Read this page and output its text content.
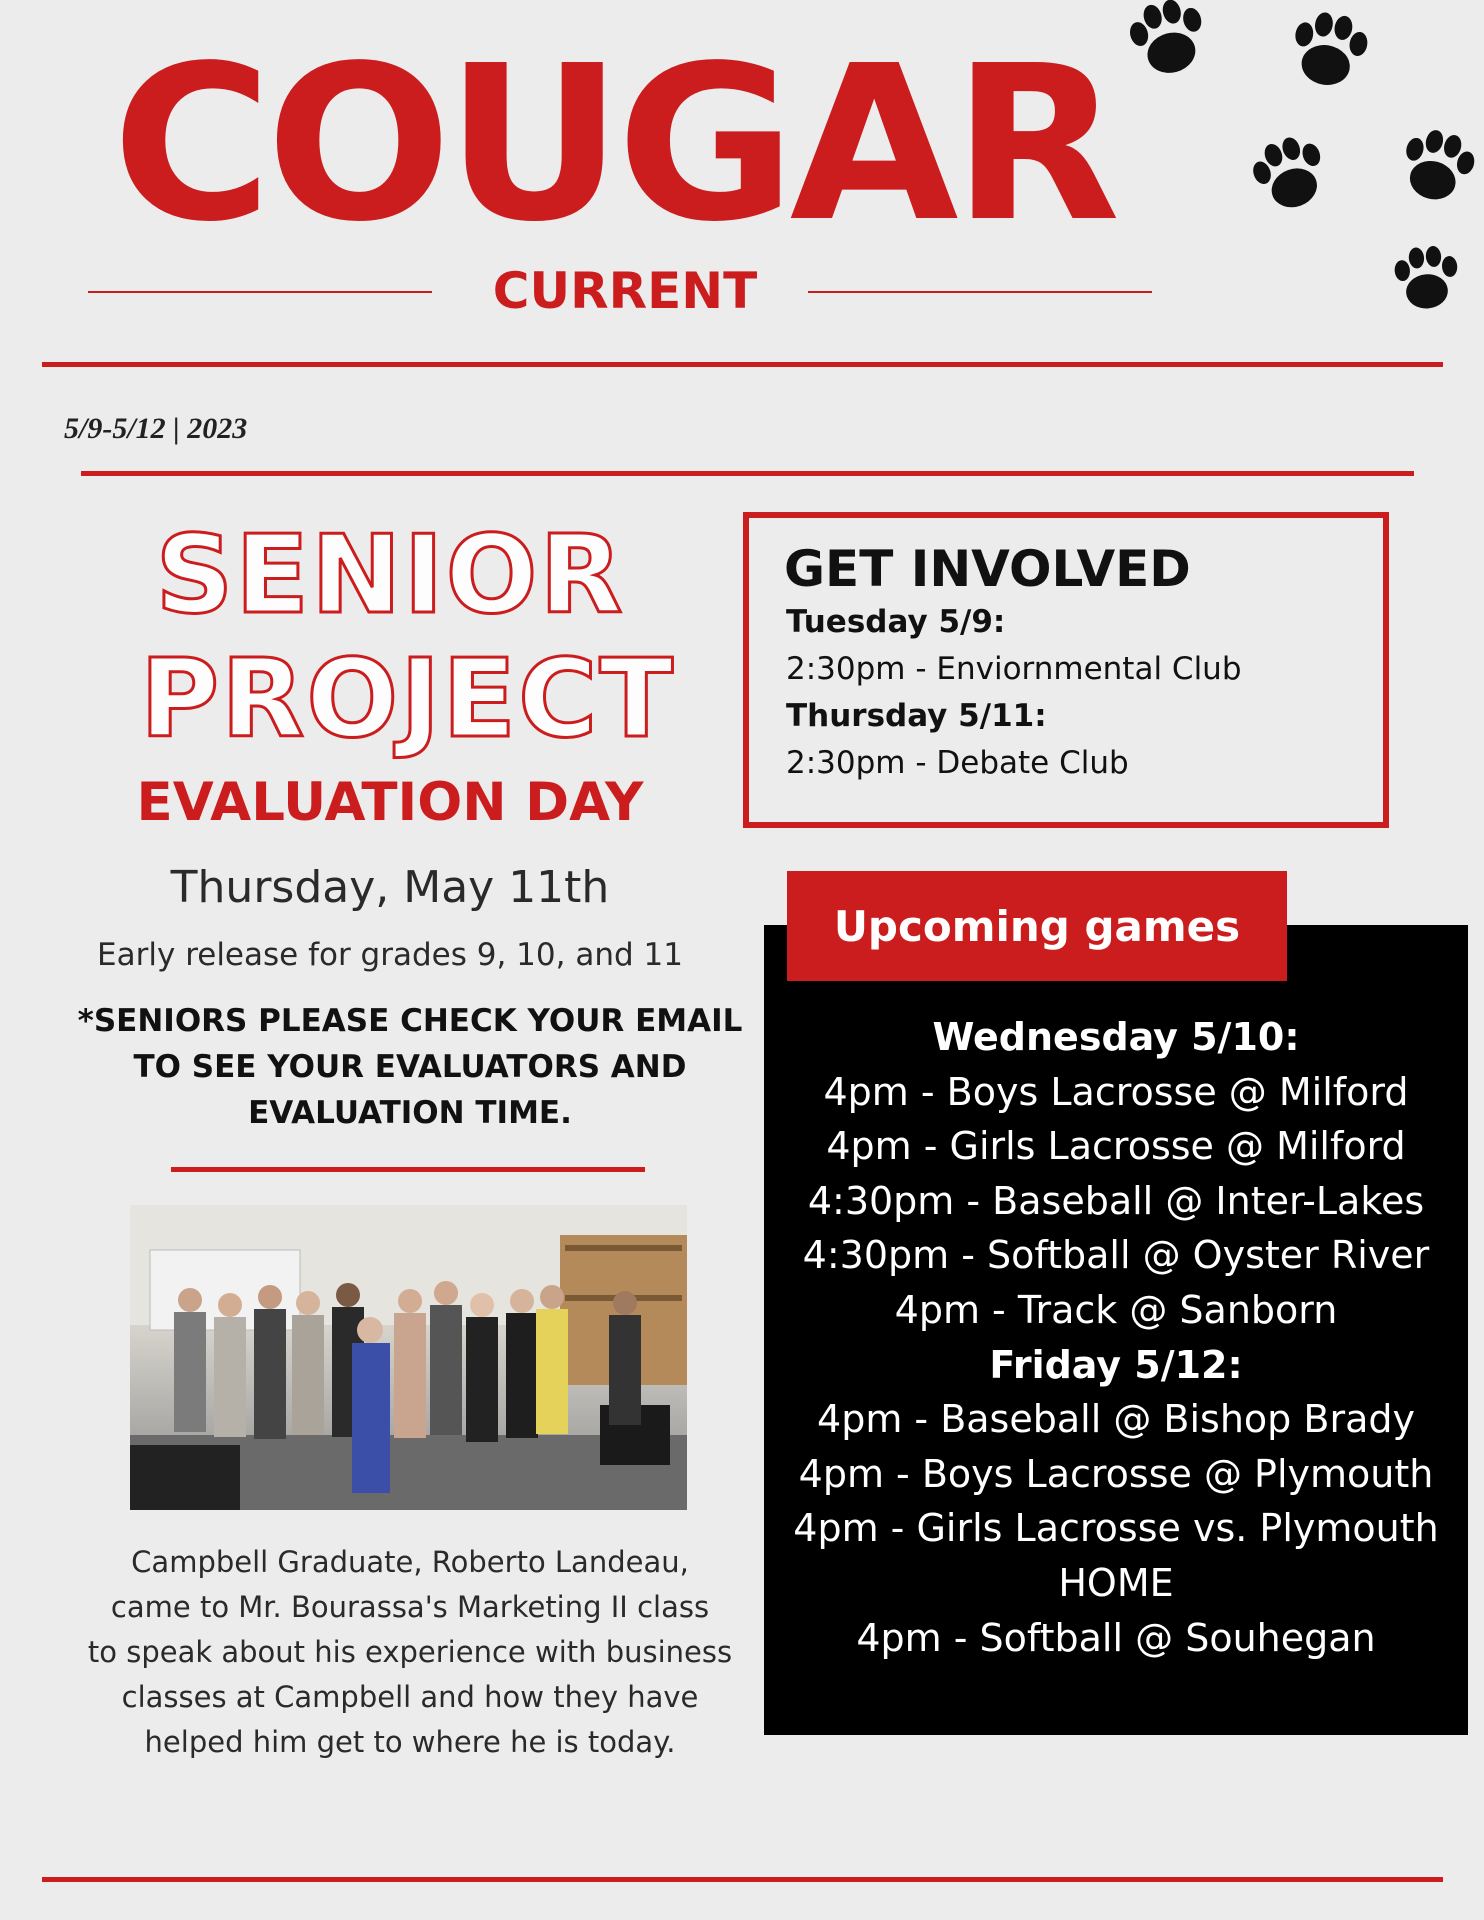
COUGAR
CURRENT
5/9-5/12 | 2023
SENIOR
PROJECT
EVALUATION DAY
Thursday, May 11th
Early release for grades 9, 10, and 11
*SENIORS PLEASE CHECK YOUR EMAIL
TO SEE YOUR EVALUATORS AND
EVALUATION TIME.
Campbell Graduate, Roberto Landeau,
came to Mr. Bourassa's Marketing II class
to speak about his experience with business
classes at Campbell and how they have
helped him get to where he is today.
GET INVOLVED
Tuesday 5/9:
2:30pm - Enviornmental Club
Thursday 5/11:
2:30pm - Debate Club
Upcoming games
Wednesday 5/10:
4pm - Boys Lacrosse @ Milford
4pm - Girls Lacrosse @ Milford
4:30pm - Baseball @ Inter-Lakes
4:30pm - Softball @ Oyster River
4pm - Track @ Sanborn
Friday 5/12:
4pm - Baseball @ Bishop Brady
4pm - Boys Lacrosse @ Plymouth
4pm - Girls Lacrosse vs. Plymouth
HOME
4pm - Softball @ Souhegan
